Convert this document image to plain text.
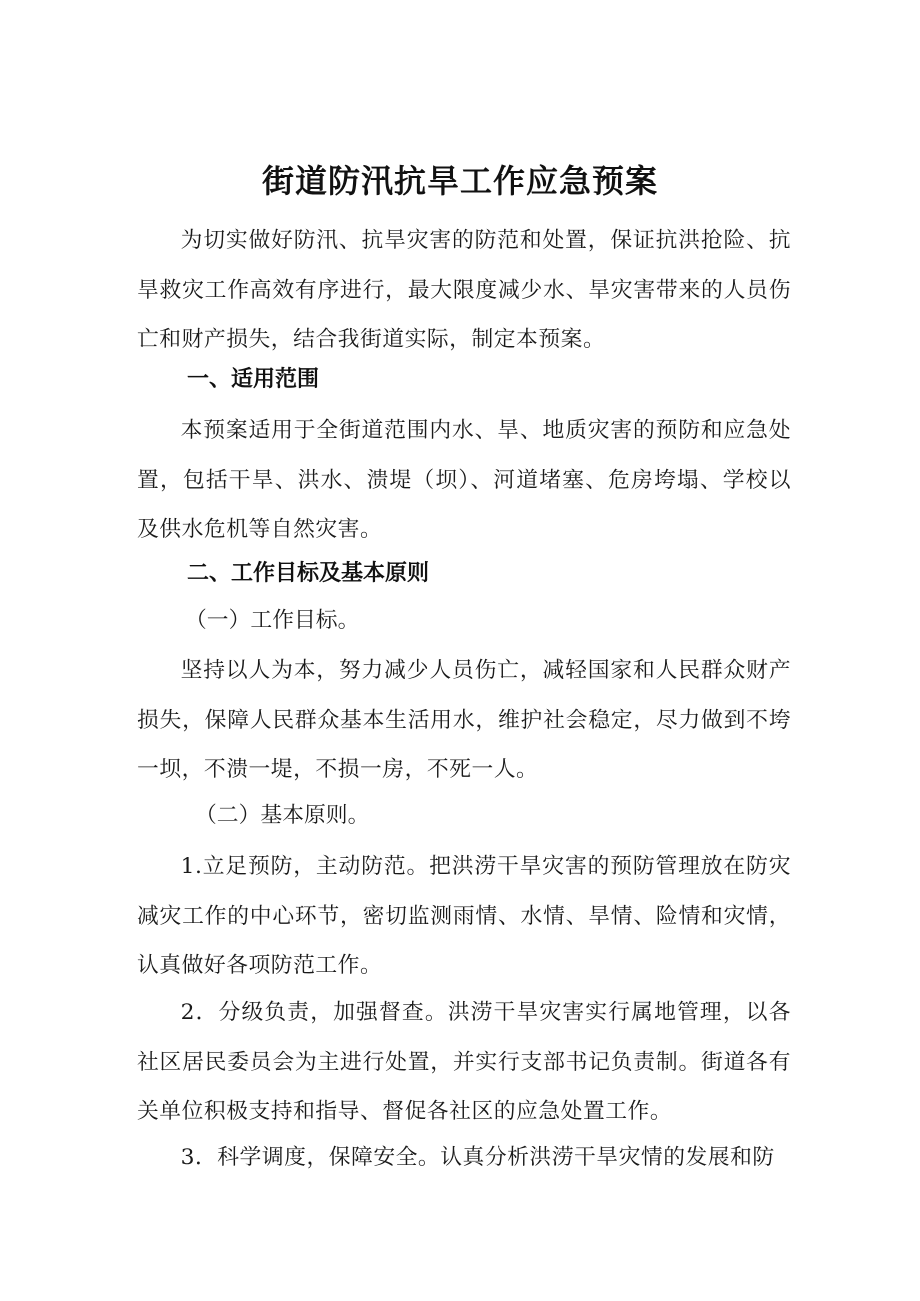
街道防汛抗旱工作应急预案

为切实做好防汛、抗旱灾害的防范和处置，保证抗洪抢险、抗旱救灾工作高效有序进行，最大限度减少水、旱灾害带来的人员伤亡和财产损失，结合我街道实际，制定本预案。

一、适用范围

本预案适用于全街道范围内水、旱、地质灾害的预防和应急处置，包括干旱、洪水、溃堤（坝）、河道堵塞、危房垮塌、学校以及供水危机等自然灾害。

二、工作目标及基本原则

（一）工作目标。

坚持以人为本，努力减少人员伤亡，减轻国家和人民群众财产损失，保障人民群众基本生活用水，维护社会稳定，尽力做到不垮一坝，不溃一堤，不损一房，不死一人。

（二）基本原则。

1.立足预防，主动防范。把洪涝干旱灾害的预防管理放在防灾减灾工作的中心环节，密切监测雨情、水情、旱情、险情和灾情，认真做好各项防范工作。

2．分级负责，加强督查。洪涝干旱灾害实行属地管理，以各社区居民委员会为主进行处置，并实行支部书记负责制。街道各有关单位积极支持和指导、督促各社区的应急处置工作。

3．科学调度，保障安全。认真分析洪涝干旱灾情的发展和防
